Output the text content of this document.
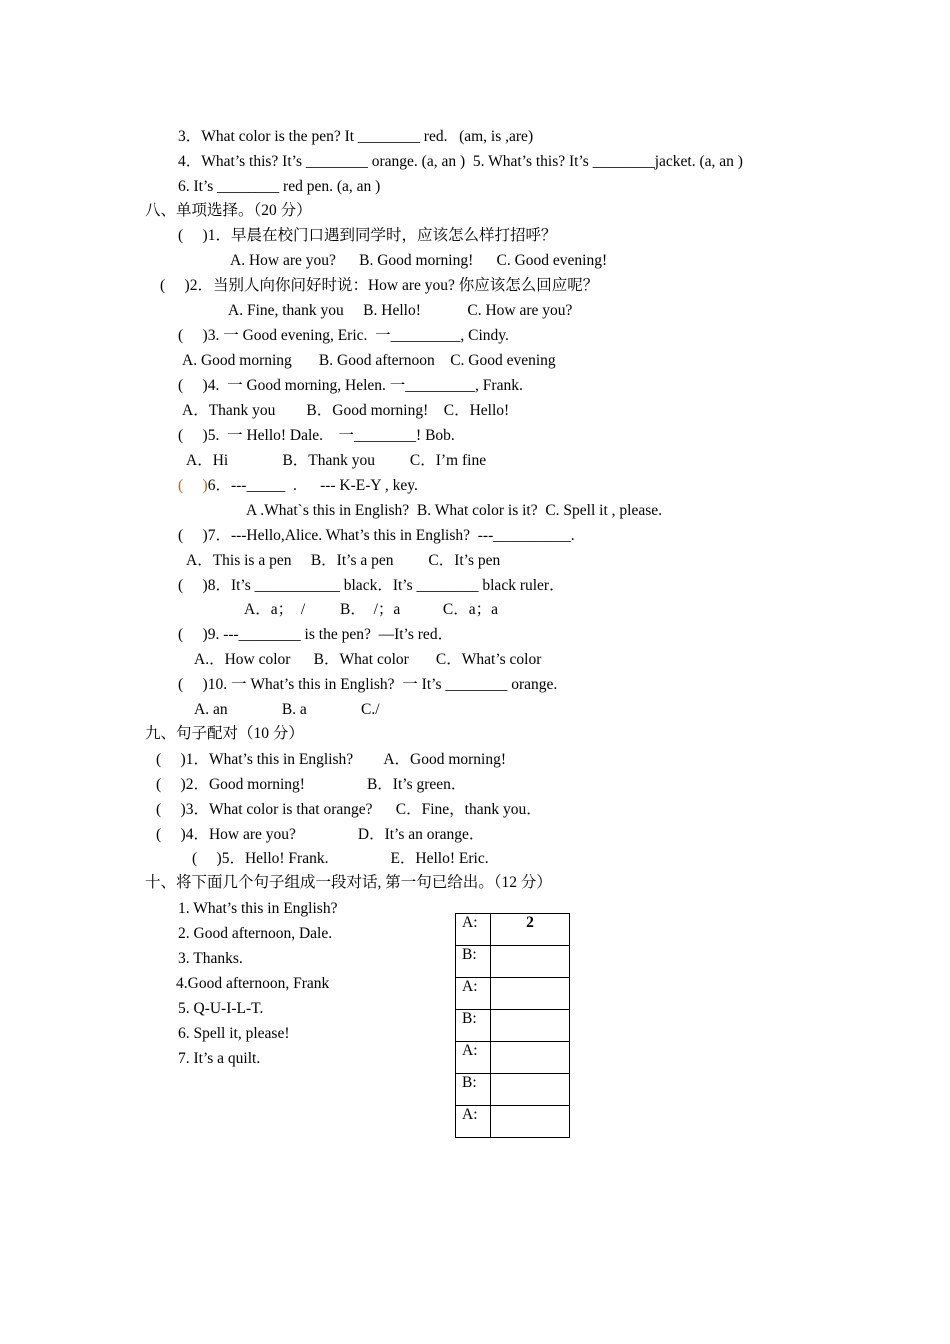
3．What color is the pen? It ________ red.   (am, is ,are)
4．What’s this? It’s ________ orange. (a, an )  5. What’s this? It’s ________jacket. (a, an )
6. It’s ________ red pen. (a, an )
八、单项选择。（20 分）
(     )1．早晨在校门口遇到同学时，应该怎么样打招呼？
A. How are you?      B. Good morning!      C. Good evening!
(     )2．当别人向你问好时说：How are you? 你应该怎么回应呢？
A. Fine, thank you     B. Hello!            C. How are you?
(     )3. 一 Good evening, Eric.  一_________, Cindy.
A. Good morning       B. Good afternoon    C. Good evening
(     )4.  一 Good morning, Helen. 一_________, Frank.
A．Thank you        B．Good morning!    C．Hello!
(     )5.  一 Hello! Dale.    一________! Bob.
A．Hi              B．Thank you         C．I’m fine
(     )6．---_____  .      --- K-E-Y , key.
A .What`s this in English?  B. What color is it?  C. Spell it , please.
(     )7．---Hello,Alice. What’s this in English?  ---__________.
A．This is a pen     B．It’s a pen         C．It’s pen
(     )8．It’s ___________ black．It’s ________ black ruler．
A．a；  /         B．  /；a           C．a；a
(     )9. ---________ is the pen?  —It’s red．
A.．How color      B．What color       C．What’s color
(     )10. 一 What’s this in English?  一 It’s ________ orange.
A. an              B. a              C./
九、句子配对（10 分）
(     )1．What’s this in English?        A．Good morning!
(     )2．Good morning!                B．It’s green．
(     )3．What color is that orange?      C．Fine，thank you．
(     )4．How are you?                D．It’s an orange．
(     )5．Hello! Frank.                E．Hello! Eric.
十、将下面几个句子组成一段对话, 第一句已给出。（12 分）
1. What’s this in English?
2. Good afternoon, Dale.
3. Thanks.
4.Good afternoon, Frank
5. Q-U-I-L-T.
6. Spell it, please!
7. It’s a quilt.
A:	2
B:	
A:	
B:	
A:	
B:	
A:	
